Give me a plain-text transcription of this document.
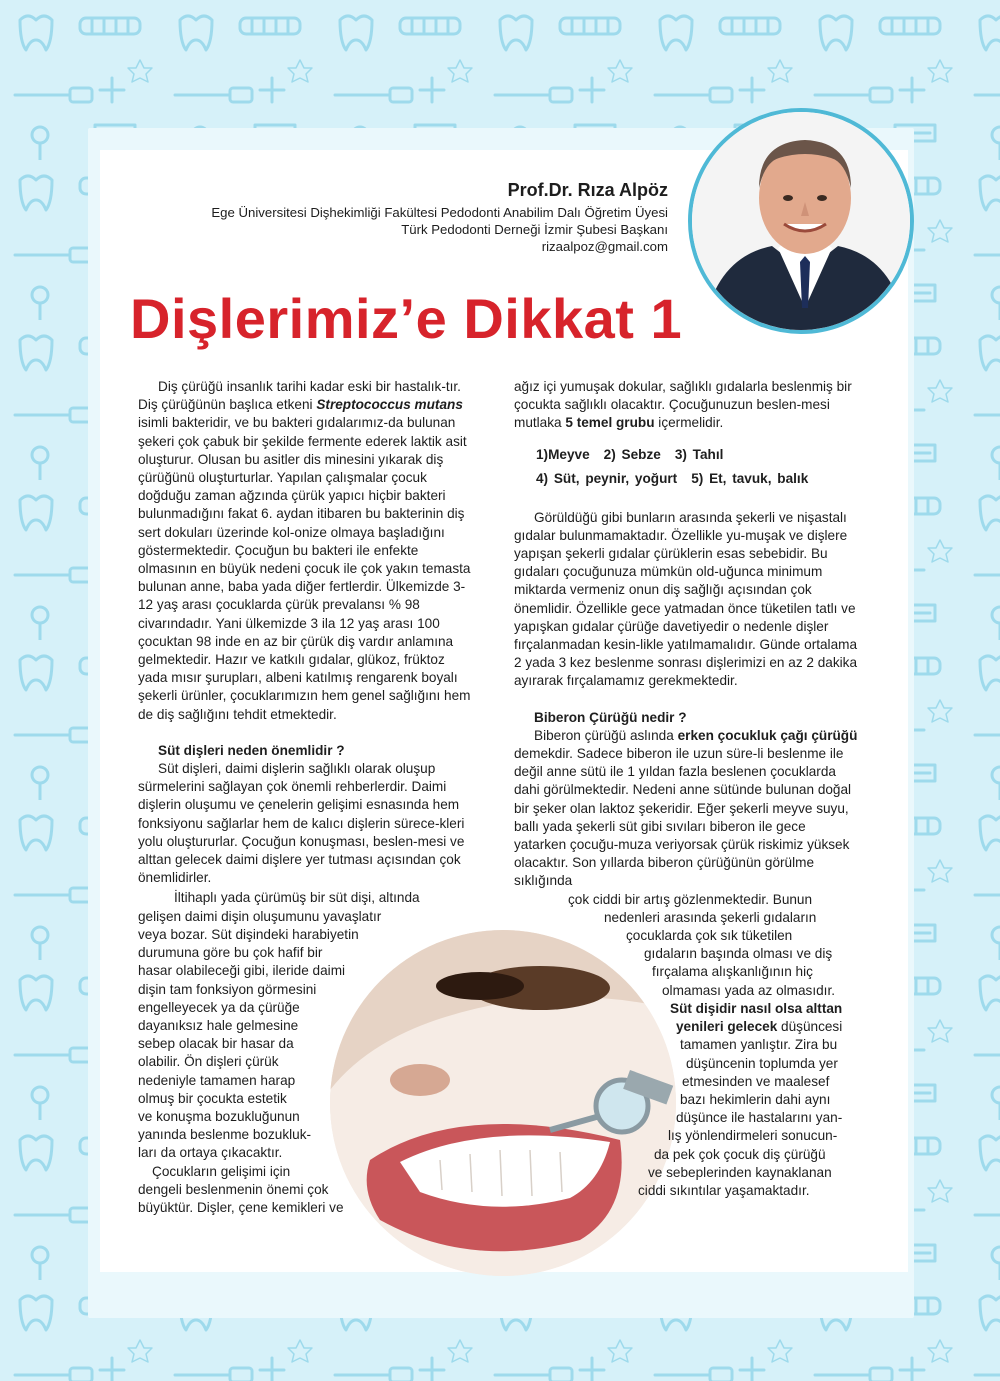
Prof.Dr. Rıza Alpöz
Ege Üniversitesi Dişhekimliği Fakültesi Pedodonti Anabilim Dalı Öğretim Üyesi
Türk Pedodonti Derneği İzmir Şubesi Başkanı
rizaalpoz@gmail.com
Dişlerimiz’e Dikkat 1

Diş çürüğü insanlık tarihi kadar eski bir hastalık-tır. Diş çürüğünün başlıca etkeni Streptococcus mutans isimli bakteridir, ve bu bakteri gıdalarımız-da bulunan şekeri çok çabuk bir şekilde fermente ederek laktik asit oluşturur. Olusan bu asitler dis minesini yıkarak diş çürüğünü oluşturturlar. Yapılan çalışmalar çocuk doğduğu zaman ağzında çürük yapıcı hiçbir bakteri bulunmadığını fakat 6. aydan itibaren bu bakterinin diş sert dokuları üzerinde kol-onize olmaya başladığını göstermektedir. Çocuğun bu bakteri ile enfekte olmasının en büyük nedeni çocuk ile çok yakın temasta bulunan anne, baba yada diğer fertlerdir. Ülkemizde 3-12 yaş arası çocuklarda çürük prevalansı % 98 civarındadır. Yani ülkemizde 3 ila 12 yaş arası 100 çocuktan 98 inde en az bir çürük diş vardır anlamına gelmektedir. Hazır ve katkılı gıdalar, glükoz, früktoz yada mısır şurupları, albeni katılmış rengarenk boyalı şekerli ürünler, çocuklarımızın hem genel sağlığını hem de diş sağlığını tehdit etmektedir.

Süt dişleri neden önemlidir ?

Süt dişleri, daimi dişlerin sağlıklı olarak oluşup sürmelerini sağlayan çok önemli rehberlerdir. Daimi dişlerin oluşumu ve çenelerin gelişimi esnasında hem fonksiyonu sağlarlar hem de kalıcı dişlerin sürece-kleri yolu oluştururlar. Çocuğun konuşması, beslen-mesi ve alttan gelecek daimi dişlere yer tutması açısından çok önemlidirler.

İltihaplı yada çürümüş bir süt dişi, altında
gelişen daimi dişin oluşumunu yavaşlatır
veya bozar. Süt dişindeki harabiyetin
durumuna göre bu çok hafif bir
hasar olabileceği gibi, ileride daimi
dişin tam fonksiyon görmesini
engelleyecek ya da çürüğe
dayanıksız hale gelmesine
sebep olacak bir hasar da
olabilir. Ön dişleri çürük
nedeniyle tamamen harap
olmuş bir çocukta estetik
ve konuşma bozukluğunun
yanında beslenme bozukluk-
ları da ortaya çıkacaktır.
Çocukların gelişimi için
dengeli beslenmenin önemi çok
büyüktür. Dişler, çene kemikleri ve

ağız içi yumuşak dokular, sağlıklı gıdalarla beslenmiş bir çocukta sağlıklı olacaktır. Çocuğunuzun beslen-mesi mutlaka 5 temel grubu içermelidir.

1)Meyve 2) Sebze 3) Tahıl
4) Süt, peynir, yoğurt 5) Et, tavuk, balık

Görüldüğü gibi bunların arasında şekerli ve nişastalı gıdalar bulunmamaktadır. Özellikle yu-muşak ve dişlere yapışan şekerli gıdalar çürüklerin esas sebebidir. Bu gıdaları çocuğunuza mümkün old-uğunca minimum miktarda vermeniz onun diş sağlığı açısından çok önemlidir. Özellikle gece yatmadan önce tüketilen tatlı ve yapışkan gıdalar çürüğe davetiyedir o nedenle dişler fırçalanmadan kesin-likle yatılmamalıdır. Günde ortalama 2 yada 3 kez beslenme sonrası dişlerimizi en az 2 dakika ayırarak fırçalamamız gerekmektedir.

Biberon Çürüğü nedir ?

Biberon çürüğü aslında erken çocukluk çağı çürüğü demekdir. Sadece biberon ile uzun süre-li beslenme ile değil anne sütü ile 1 yıldan fazla beslenen çocuklarda dahi görülmektedir. Nedeni anne sütünde bulunan doğal bir şeker olan laktoz şekeridir. Eğer şekerli meyve suyu, ballı yada şekerli süt gibi sıvıları biberon ile gece yatarken çocuğu-muza veriyorsak çürük riskimiz yüksek olacaktır. Son yıllarda biberon çürüğünün görülme sıklığında

çok ciddi bir artış gözlenmektedir. Bunun
nedenleri arasında şekerli gıdaların
çocuklarda çok sık tüketilen
gıdaların başında olması ve diş
fırçalama alışkanlığının hiç
olmaması yada az olmasıdır.
Süt dişidir nasıl olsa alttan
yenileri gelecek düşüncesi
tamamen yanlıştır. Zira bu
düşüncenin toplumda yer
etmesinden ve maalesef
bazı hekimlerin dahi aynı
düşünce ile hastalarını yan-
lış yönlendirmeleri sonucun-
da pek çok çocuk diş çürüğü
ve sebeplerinden kaynaklanan
ciddi sıkıntılar yaşamaktadır.
